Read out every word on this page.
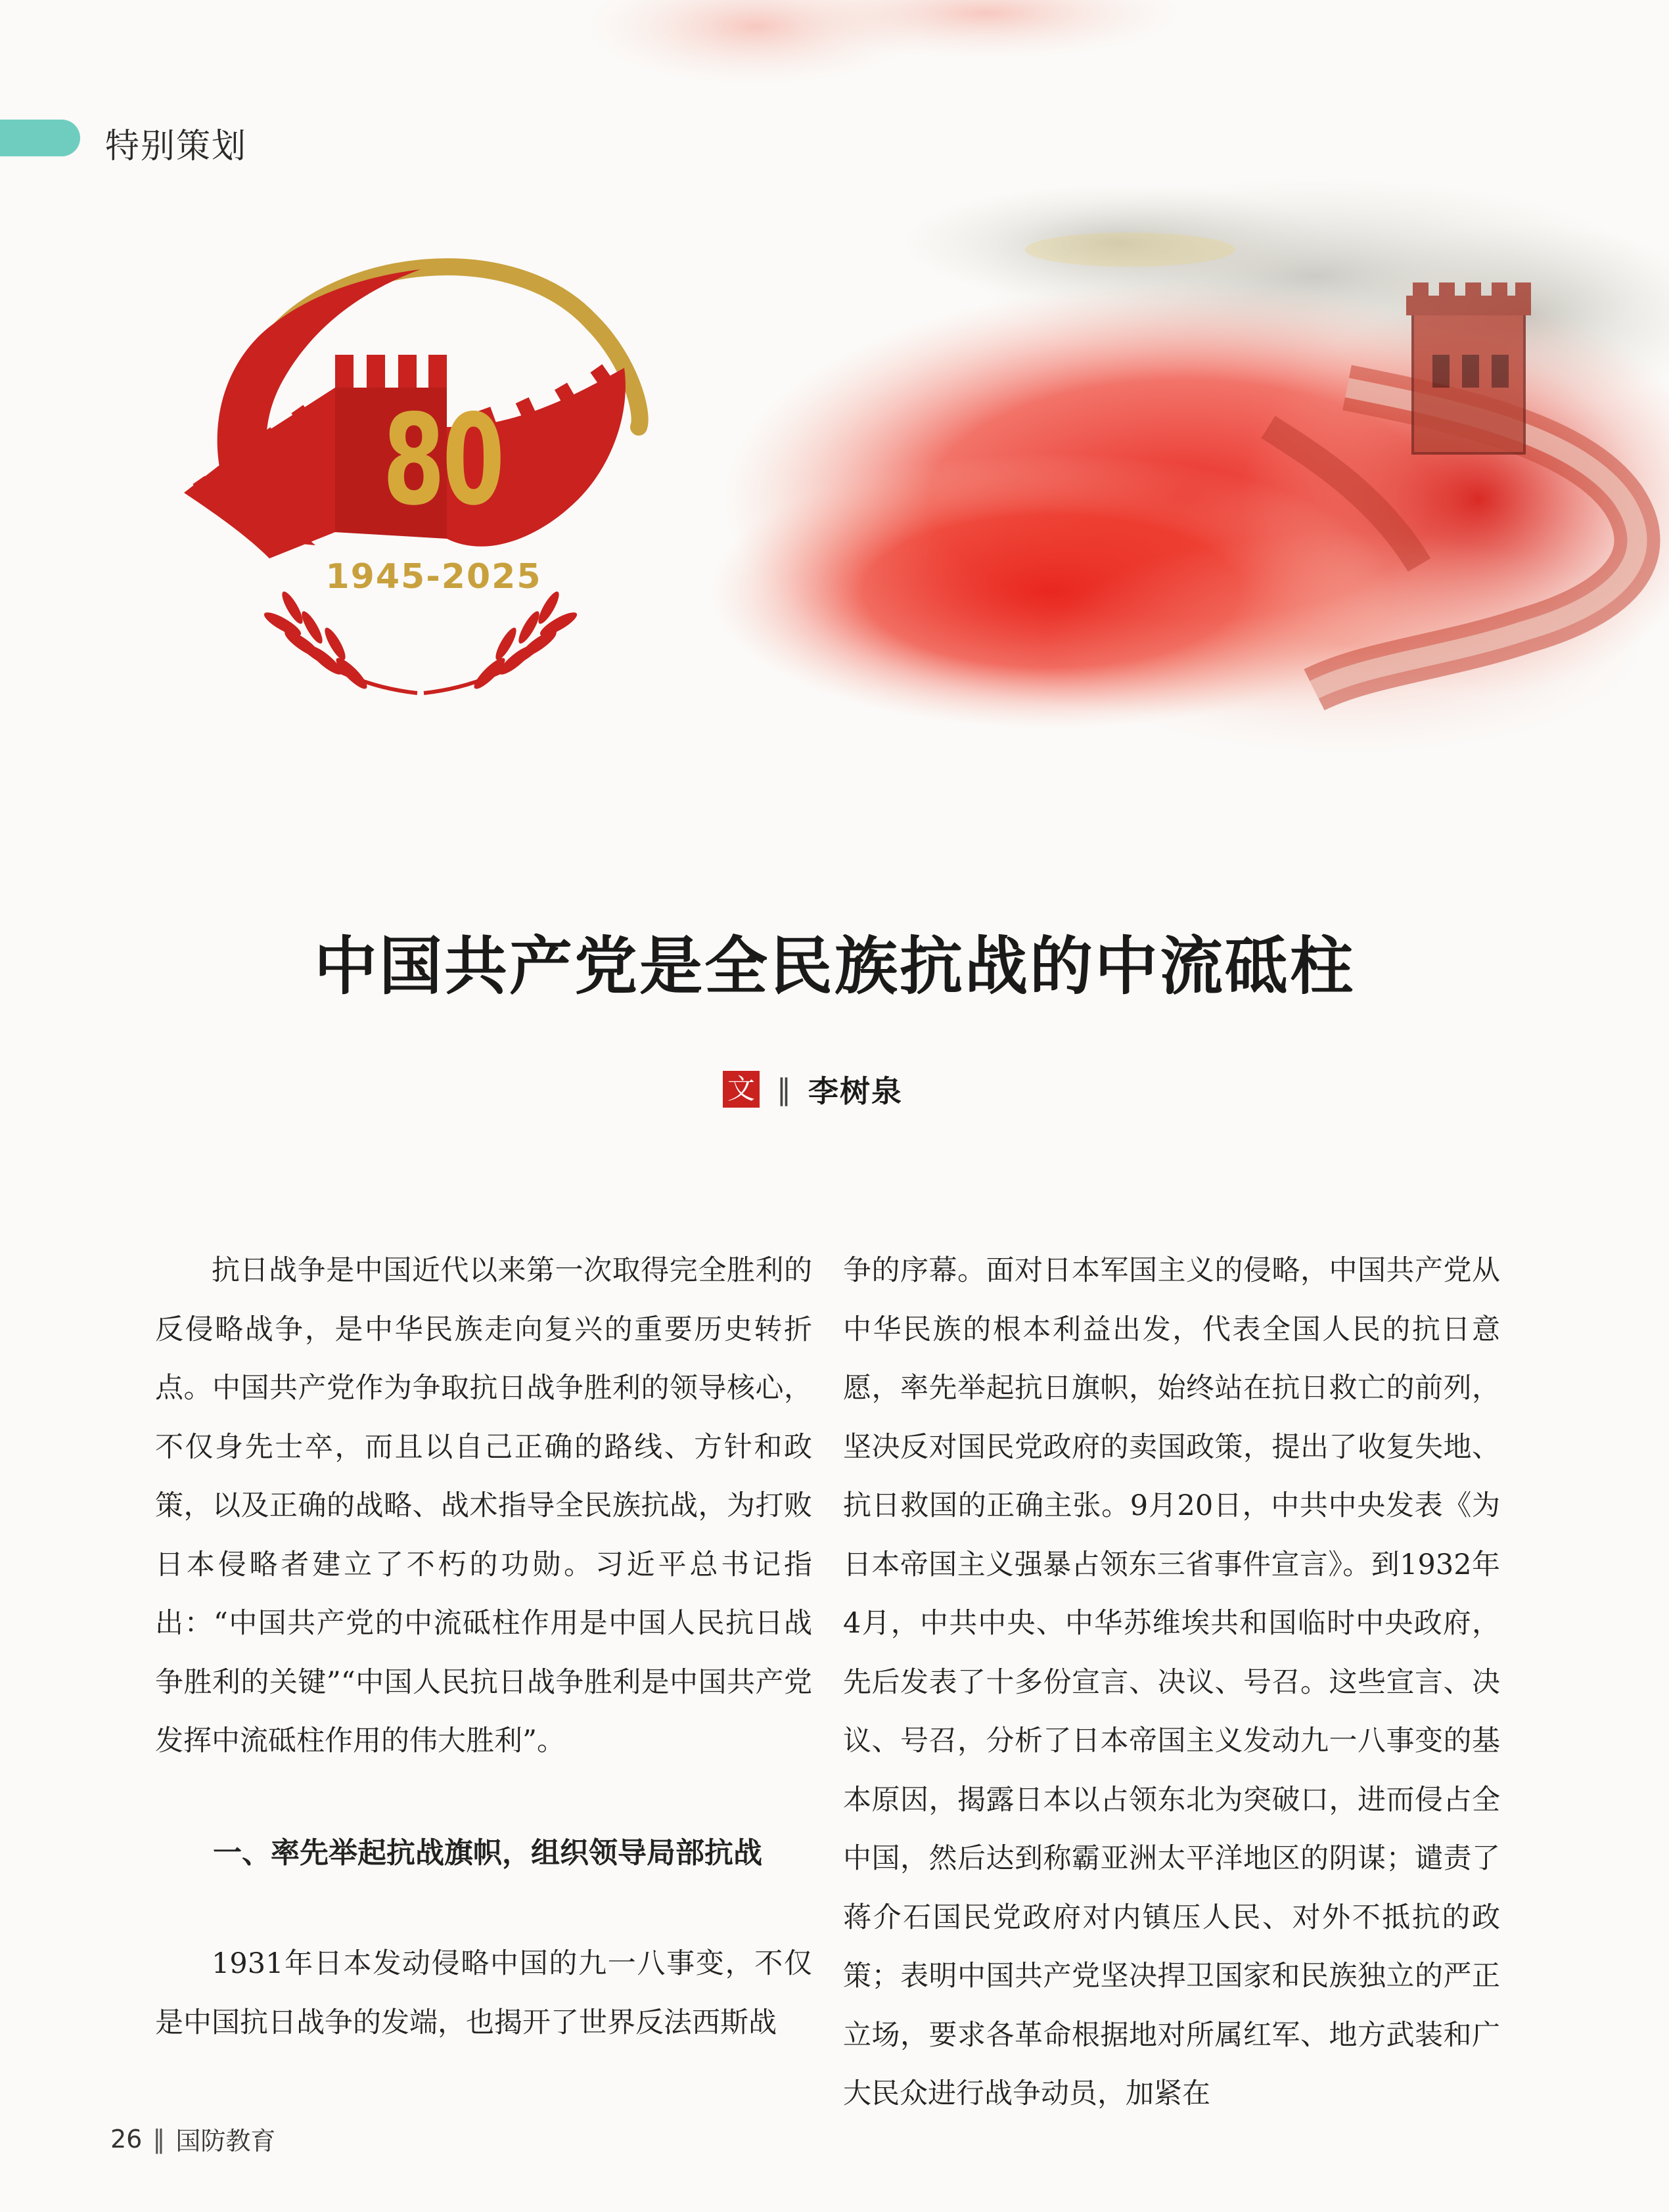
特别策划
80
1945-2025
中国共产党是全民族抗战的中流砥柱
文 ‖ 李树泉

抗日战争是中国近代以来第一次取得完全胜利的反侵略战争，是中华民族走向复兴的重要历史转折点。中国共产党作为争取抗日战争胜利的领导核心，不仅身先士卒，而且以自己正确的路线、方针和政策，以及正确的战略、战术指导全民族抗战，为打败日本侵略者建立了不朽的功勋。习近平总书记指出：“中国共产党的中流砥柱作用是中国人民抗日战争胜利的关键”“中国人民抗日战争胜利是中国共产党发挥中流砥柱作用的伟大胜利”。

一、率先举起抗战旗帜，组织领导局部抗战

1931年日本发动侵略中国的九一八事变，不仅是中国抗日战争的发端，也揭开了世界反法西斯战

争的序幕。面对日本军国主义的侵略，中国共产党从中华民族的根本利益出发，代表全国人民的抗日意愿，率先举起抗日旗帜，始终站在抗日救亡的前列，坚决反对国民党政府的卖国政策，提出了收复失地、抗日救国的正确主张。9月20日，中共中央发表《为日本帝国主义强暴占领东三省事件宣言》。到1932年4月，中共中央、中华苏维埃共和国临时中央政府，先后发表了十多份宣言、决议、号召。这些宣言、决议、号召，分析了日本帝国主义发动九一八事变的基本原因，揭露日本以占领东北为突破口，进而侵占全中国，然后达到称霸亚洲太平洋地区的阴谋；谴责了蒋介石国民党政府对内镇压人民、对外不抵抗的政策；表明中国共产党坚决捍卫国家和民族独立的严正立场，要求各革命根据地对所属红军、地方武装和广大民众进行战争动员，加紧在

26 ‖ 国防教育
